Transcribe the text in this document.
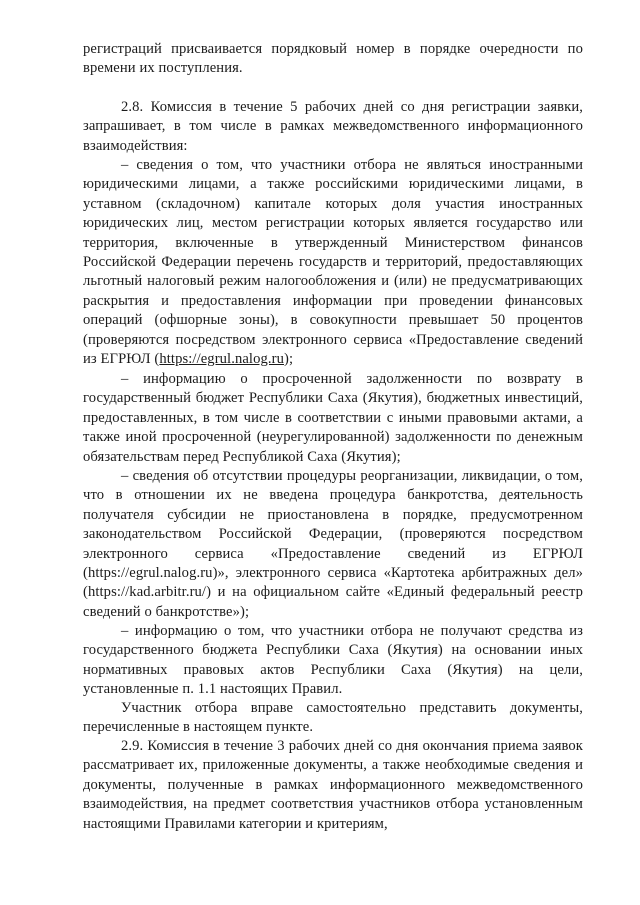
регистраций присваивается порядковый номер в порядке очередности по времени их поступления.

2.8. Комиссия в течение 5 рабочих дней со дня регистрации заявки, запрашивает, в том числе в рамках межведомственного информационного взаимодействия:

– сведения о том, что участники отбора не являться иностранными юридическими лицами, а также российскими юридическими лицами, в уставном (складочном) капитале которых доля участия иностранных юридических лиц, местом регистрации которых является государство или территория, включенные в утвержденный Министерством финансов Российской Федерации перечень государств и территорий, предоставляющих льготный налоговый режим налогообложения и (или) не предусматривающих раскрытия и предоставления информации при проведении финансовых операций (офшорные зоны), в совокупности превышает 50 процентов (проверяются посредством электронного сервиса «Предоставление сведений из ЕГРЮЛ (https://egrul.nalog.ru);

– информацию о просроченной задолженности по возврату в государственный бюджет Республики Саха (Якутия), бюджетных инвестиций, предоставленных, в том числе в соответствии с иными правовыми актами, а также иной просроченной (неурегулированной) задолженности по денежным обязательствам перед Республикой Саха (Якутия);

– сведения об отсутствии процедуры реорганизации, ликвидации, о том, что в отношении их не введена процедура банкротства, деятельность получателя субсидии не приостановлена в порядке, предусмотренном законодательством Российской Федерации, (проверяются посредством электронного сервиса «Предоставление сведений из ЕГРЮЛ (https://egrul.nalog.ru)», электронного сервиса «Картотека арбитражных дел» (https://kad.arbitr.ru/) и на официальном сайте «Единый федеральный реестр сведений о банкротстве»);

– информацию о том, что участники отбора не получают средства из государственного бюджета Республики Саха (Якутия) на основании иных нормативных правовых актов Республики Саха (Якутия) на цели, установленные п. 1.1 настоящих Правил.

Участник отбора вправе самостоятельно представить документы, перечисленные в настоящем пункте.

2.9. Комиссия в течение 3 рабочих дней со дня окончания приема заявок рассматривает их, приложенные документы, а также необходимые сведения и документы, полученные в рамках информационного межведомственного взаимодействия, на предмет соответствия участников отбора установленным настоящими Правилами категории и критериям,
